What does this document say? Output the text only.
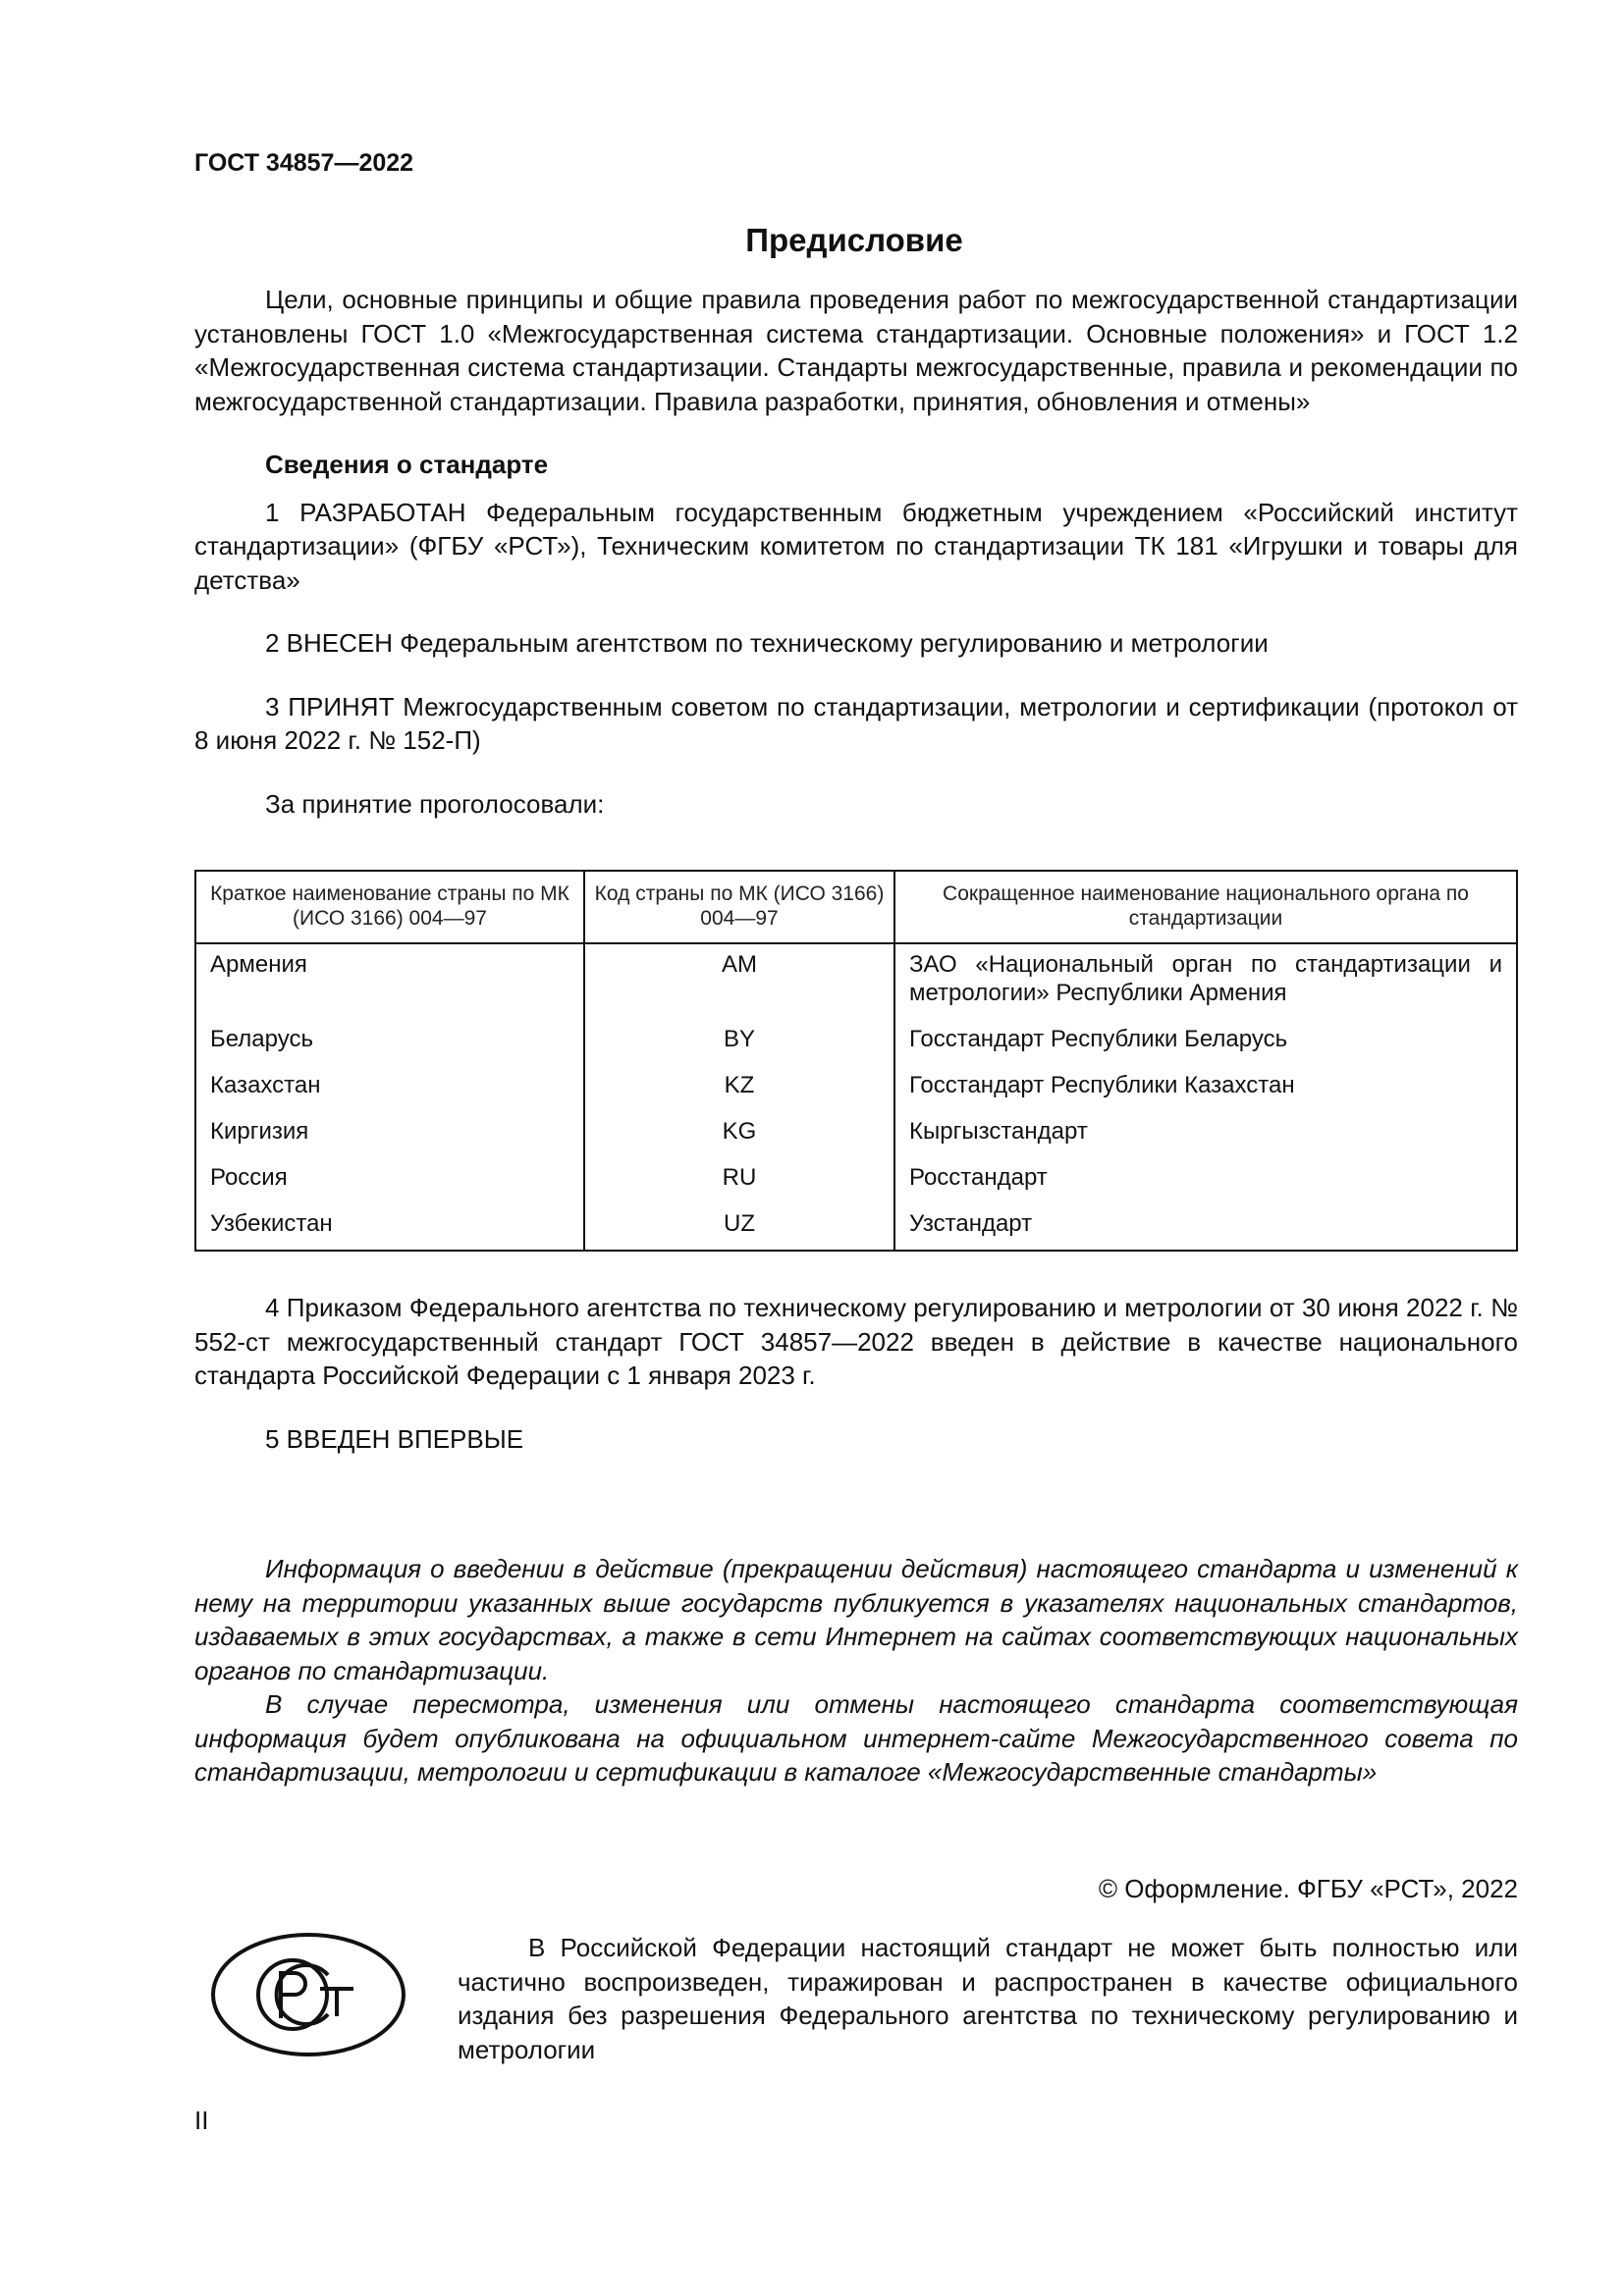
ГОСТ 34857—2022
Предисловие

Цели, основные принципы и общие правила проведения работ по межгосударственной стандартизации установлены ГОСТ 1.0 «Межгосударственная система стандартизации. Основные положения» и ГОСТ 1.2 «Межгосударственная система стандартизации. Стандарты межгосударственные, правила и рекомендации по межгосударственной стандартизации. Правила разработки, принятия, обновления и отмены»

Сведения о стандарте

1 РАЗРАБОТАН Федеральным государственным бюджетным учреждением «Российский институт стандартизации» (ФГБУ «РСТ»), Техническим комитетом по стандартизации ТК 181 «Игрушки и товары для детства»

2 ВНЕСЕН Федеральным агентством по техническому регулированию и метрологии

3 ПРИНЯТ Межгосударственным советом по стандартизации, метрологии и сертификации (протокол от 8 июня 2022 г. № 152-П)

За принятие проголосовали:

Краткое наименование страны по МК (ИСО 3166) 004—97	Код страны по МК (ИСО 3166) 004—97	Сокращенное наименование национального органа по стандартизации
Армения	AM	ЗАО «Национальный орган по стандартизации и метрологии» Республики Армения
Беларусь	BY	Госстандарт Республики Беларусь
Казахстан	KZ	Госстандарт Республики Казахстан
Киргизия	KG	Кыргызстандарт
Россия	RU	Росстандарт
Узбекистан	UZ	Узстандарт

4 Приказом Федерального агентства по техническому регулированию и метрологии от 30 июня 2022 г. № 552-ст межгосударственный стандарт ГОСТ 34857—2022 введен в действие в качестве национального стандарта Российской Федерации с 1 января 2023 г.

5 ВВЕДЕН ВПЕРВЫЕ

Информация о введении в действие (прекращении действия) настоящего стандарта и изменений к нему на территории указанных выше государств публикуется в указателях национальных стандартов, издаваемых в этих государствах, а также в сети Интернет на сайтах соответствующих национальных органов по стандартизации.

В случае пересмотра, изменения или отмены настоящего стандарта соответствующая информация будет опубликована на официальном интернет-сайте Межгосударственного совета по стандартизации, метрологии и сертификации в каталоге «Межгосударственные стандарты»

© Оформление. ФГБУ «РСТ», 2022

В Российской Федерации настоящий стандарт не может быть полностью или частично воспроизведен, тиражирован и распространен в качестве официального издания без разрешения Федерального агентства по техническому регулированию и метрологии

II
